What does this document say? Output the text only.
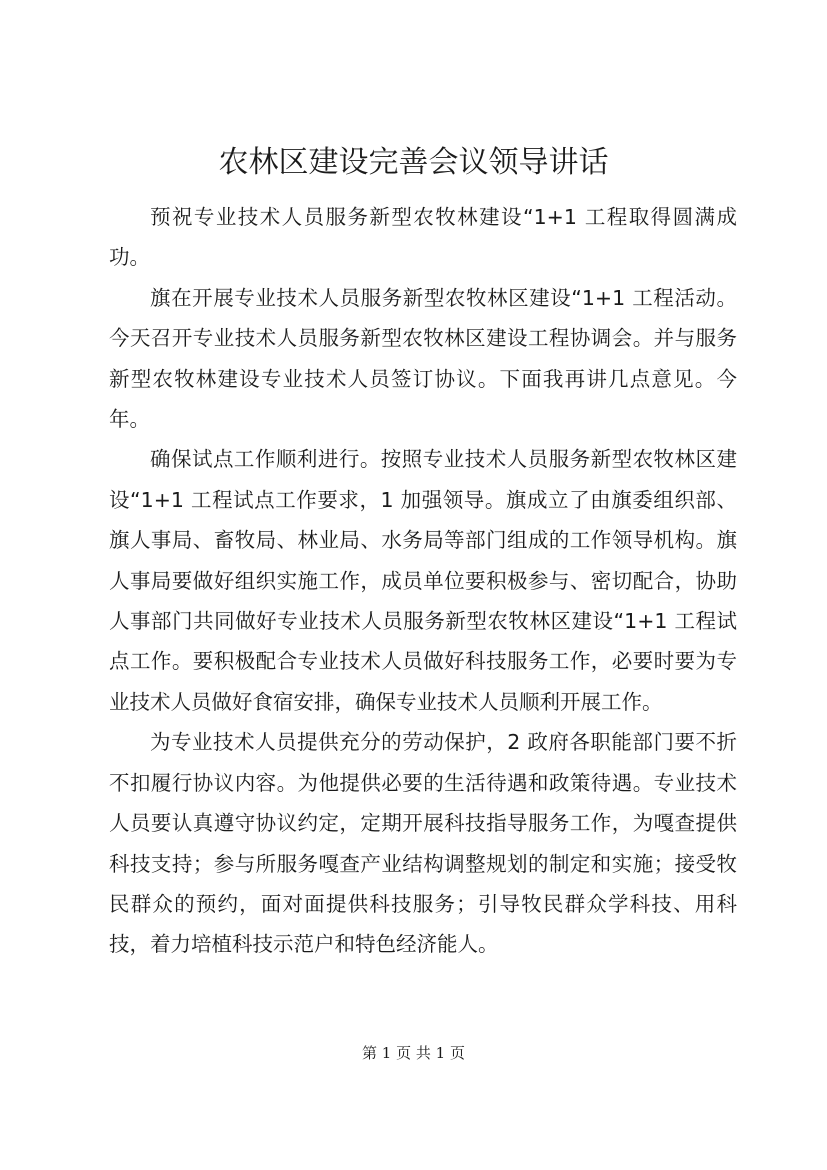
农林区建设完善会议领导讲话

预祝专业技术人员服务新型农牧林建设“1+1 工程取得圆满成功。

旗在开展专业技术人员服务新型农牧林区建设“1+1 工程活动。今天召开专业技术人员服务新型农牧林区建设工程协调会。并与服务新型农牧林建设专业技术人员签订协议。下面我再讲几点意见。今年。

确保试点工作顺利进行。按照专业技术人员服务新型农牧林区建设“1+1 工程试点工作要求，1 加强领导。旗成立了由旗委组织部、旗人事局、畜牧局、林业局、水务局等部门组成的工作领导机构。旗人事局要做好组织实施工作，成员单位要积极参与、密切配合，协助人事部门共同做好专业技术人员服务新型农牧林区建设“1+1 工程试点工作。要积极配合专业技术人员做好科技服务工作，必要时要为专业技术人员做好食宿安排，确保专业技术人员顺利开展工作。

为专业技术人员提供充分的劳动保护，2 政府各职能部门要不折不扣履行协议内容。为他提供必要的生活待遇和政策待遇。专业技术人员要认真遵守协议约定，定期开展科技指导服务工作，为嘎查提供科技支持；参与所服务嘎查产业结构调整规划的制定和实施；接受牧民群众的预约，面对面提供科技服务；引导牧民群众学科技、用科技，着力培植科技示范户和特色经济能人。

第 1 页 共 1 页
